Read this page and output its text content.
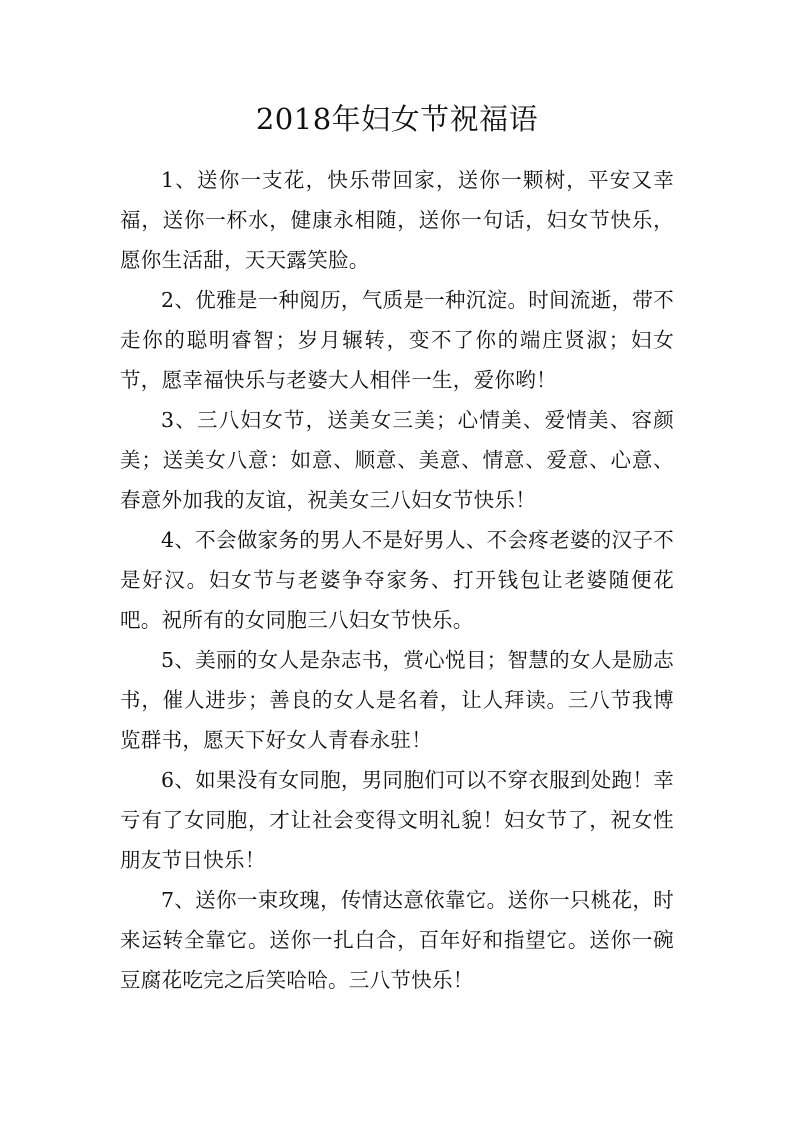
2018年妇女节祝福语

1、送你一支花，快乐带回家，送你一颗树，平安又幸福，送你一杯水，健康永相随，送你一句话，妇女节快乐，愿你生活甜，天天露笑脸。

2、优雅是一种阅历，气质是一种沉淀。时间流逝，带不走你的聪明睿智；岁月辗转，变不了你的端庄贤淑；妇女节，愿幸福快乐与老婆大人相伴一生，爱你哟！

3、三八妇女节，送美女三美；心情美、爱情美、容颜美；送美女八意：如意、顺意、美意、情意、爱意、心意、春意外加我的友谊，祝美女三八妇女节快乐！

4、不会做家务的男人不是好男人、不会疼老婆的汉子不是好汉。妇女节与老婆争夺家务、打开钱包让老婆随便花吧。祝所有的女同胞三八妇女节快乐。

5、美丽的女人是杂志书，赏心悦目；智慧的女人是励志书，催人进步；善良的女人是名着，让人拜读。三八节我博览群书，愿天下好女人青春永驻！

6、如果没有女同胞，男同胞们可以不穿衣服到处跑！幸亏有了女同胞，才让社会变得文明礼貌！妇女节了，祝女性朋友节日快乐！

7、送你一束玫瑰，传情达意依靠它。送你一只桃花，时来运转全靠它。送你一扎白合，百年好和指望它。送你一碗豆腐花吃完之后笑哈哈。三八节快乐！
